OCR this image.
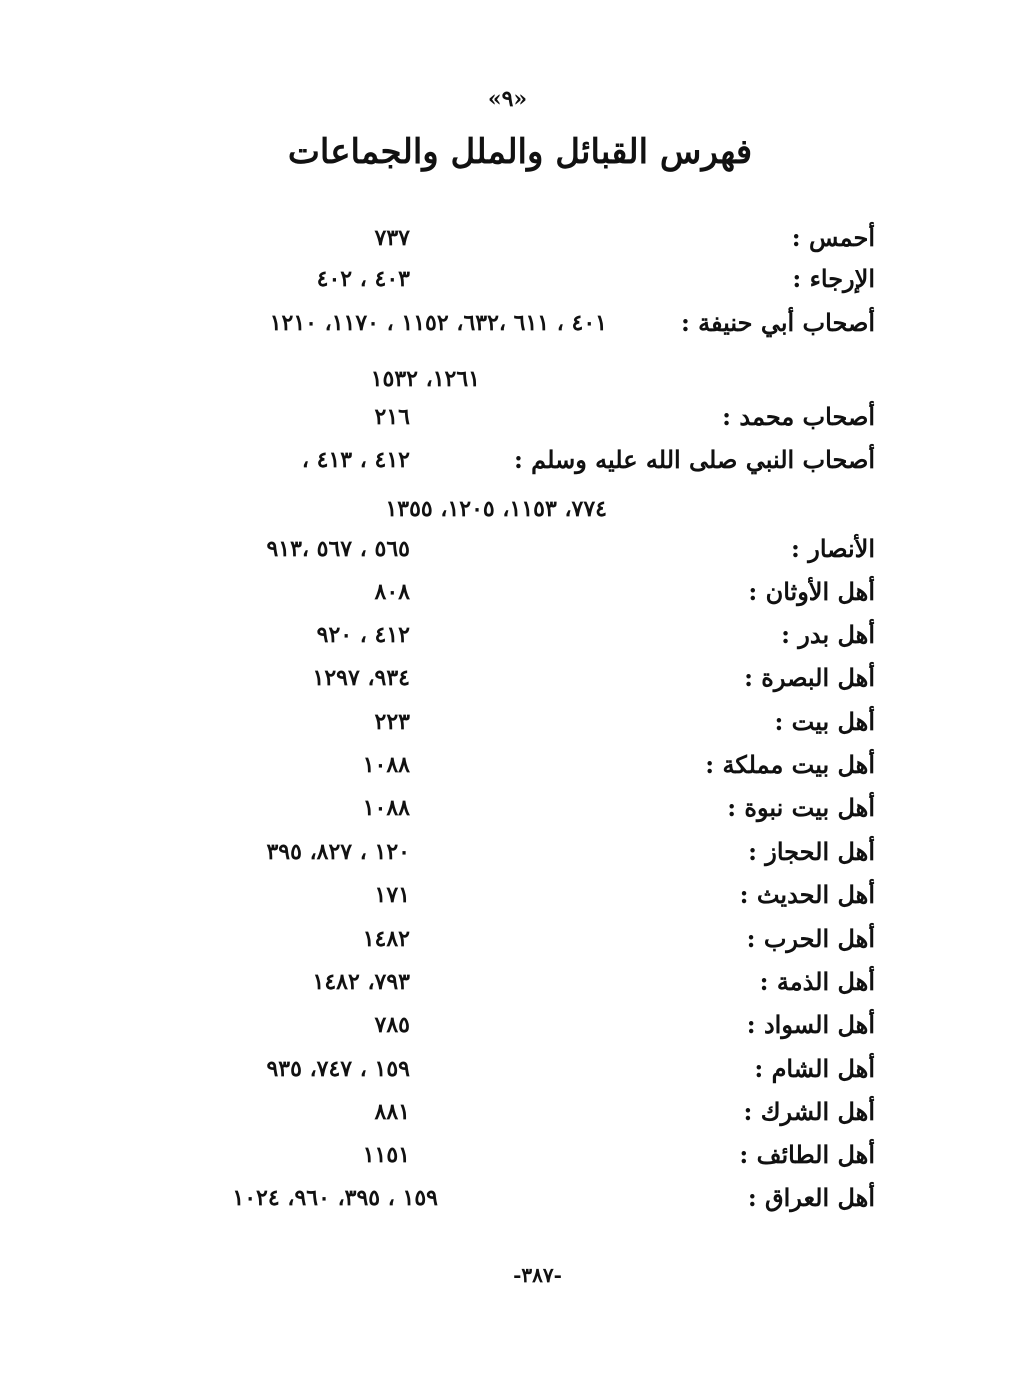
«٩»
فهرس القبائل والملل والجماعات
أحمس :
٧٣٧
الإرجاء :
٤٠٣ ، ٤٠٢
أصحاب أبي حنيفة :
٤٠١ ، ٦١١ ،٦٣٢، ١١٥٢ ، ١١٧٠، ١٢١٠
١٢٦١، ١٥٣٢
أصحاب محمد :
٢١٦
أصحاب النبي صلى الله عليه وسلم :
٤١٢ ، ٤١٣ ،
٧٧٤، ١١٥٣، ١٢٠٥، ١٣٥٥
الأنصار :
٥٦٥ ، ٥٦٧ ،٩١٣
أهل الأوثان :
٨٠٨
أهل بدر :
٤١٢ ، ٩٢٠
أهل البصرة :
٩٣٤، ١٢٩٧
أهل بيت :
٢٢٣
أهل بيت مملكة :
١٠٨٨
أهل بيت نبوة :
١٠٨٨
أهل الحجاز :
١٢٠ ، ٨٢٧، ٣٩٥
أهل الحديث :
١٧١
أهل الحرب :
١٤٨٢
أهل الذمة :
٧٩٣، ١٤٨٢
أهل السواد :
٧٨٥
أهل الشام :
١٥٩ ، ٧٤٧، ٩٣٥
أهل الشرك :
٨٨١
أهل الطائف :
١١٥١
أهل العراق :
١٥٩ ، ٣٩٥، ٩٦٠، ١٠٢٤
-٣٨٧-
